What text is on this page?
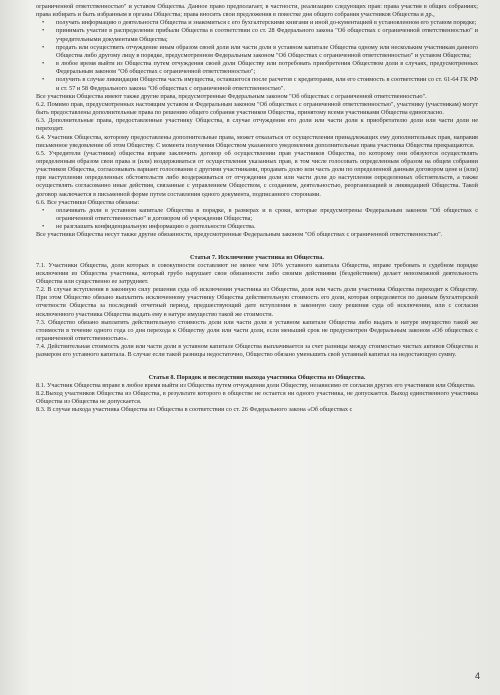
ограниченной ответственностью" и уставом Общества. Данное право предполагает, в частности, реализацию следующих прав: права участия в общих собраниях; права избирать и быть избранным в органы Общества; права вносить свои предложения в повестке дня общего собрания участников Общества и др.,

• получать информацию о деятельности Общества и знакомиться с его бухгалтерскими книгами и иной до-кументацией в установленном его уставом порядке;

• принимать участие в распределении прибыли Общества в соответствии со ст. 28 Федерального закона "Об обществах с ограниченной ответственностью" и учредительными документами Общества;

• продать или осуществить отчуждение иным образом своей доли или части доли в уставном капитале Общества одному или нескольким участникам данного Общества либо другому лицу в порядке, предусмотренном Федеральным законом "Об Обществах с ограниченной ответственностью" и уставом Общества;

• в любое время выйти из Общества путем отчуждения своей доли Обществу или потребовать приобретения Обществом доли в случаях, предусмотренных Федеральным законом "Об обществах с ограниченной ответственностью";

• получить в случае ликвидации Общества часть имущества, оставшегося после расчетов с кредиторами, или его стоимость в соответствии со ст. 61-64 ГК РФ и ст. 57 и 58 Федерального закона "Об обществах с ограниченной ответственностью".

Все участники Общества имеют также другие права, предусмотренные Федеральным законом "Об обществах с ограниченной ответственностью".

6.2. Помимо прав, предусмотренных настоящим уставом и Федеральным законом "Об обществах с ограниченной ответственностью", участнику (участникам) могут быть предоставлены дополнительные права по решению общего собрания участников Общества, принятому всеми участниками Общества единогласно.

6.3. Дополнительные права, предоставленные участнику Общества, в случае отчуждения его доли или части доли к приобретателю доли или части доли не переходят.

6.4. Участник Общества, которому предоставлены дополнительные права, может отказаться от осуществления принадлежащих ему дополнительных прав, направив письменное уведомление об этом Обществу. С момента получения Обществом указанного уведомления дополнительные права участника Общества прекращаются.

6.5. Учредители (участники) общества вправе заключить договор об осуществлении прав участников Общества, по которому они обязуются осуществлять определенным образом свои права и (или) воздерживаться от осуществления указанных прав, в том числе голосовать определенным образом на общем собрании участников Общества, согласовывать вариант голосования с другими участниками, продавать долю или часть доли по определенной данным договором цене и (или) при наступлении определенных обстоятельств либо воздерживаться от отчуждения доли или части доли до наступления определенных обстоятельств, а также осуществлять согласованно иные действия, связанные с управлением Обществом, с созданием, деятельностью, реорганизацией и ликвидацией Общества. Такой договор заключается в письменной форме путем составления одного документа, подписанного сторонами.

6.6. Все участники Общества обязаны:

• оплачивать доли в уставном капитале Общества в порядке, в размерах и в сроки, которые предусмотрены Федеральным законом "Об обществах с ограниченной ответственностью" и договором об учреждении Общества;

• не разглашать конфиденциальную информацию о деятельности Общества.

Все участники Общества несут также другие обязанности, предусмотренные Федеральным законом "Об обществах с ограниченной ответственностью".

Статья 7. Исключение участника из Общества.

7.1. Участники Общества, доли которых в совокупности составляют не менее чем 10% уставного капитала Общества, вправе требовать в судебном порядке исключения из Общества участника, который грубо нарушает свои обязанности либо своими действиями (бездействием) делает невозможной деятельность Общества или существенно ее затрудняет.

7.2. В случае вступления в законную силу решения суда об исключении участника из Общества, доля или часть доли участника Общества переходит к Обществу. При этом Общество обязано выплатить исключенному участнику Общества действительную стоимость его доли, которая определяется по данным бухгалтерской отчетности Общества за последний отчетный период, предшествующий дате вступления в законную силу решения суда об исключении, или с согласия исключенного участника Общества выдать ему в натуре имущество такой же стоимости.

7.3. Общество обязано выплатить действительную стоимость доли или части доли в уставном капитале Общества либо выдать в натуре имущество такой же стоимости в течение одного года со дня перехода к Обществу доли или части доли, если меньший срок не предусмотрен Федеральным законом «Об обществах с ограниченной ответственностью».

7.4. Действительная стоимость доли или части доли в уставном капитале Общества выплачивается за счет разницы между стоимостью чистых активов Общества и размером его уставного капитала. В случае если такой разницы недостаточно, Общество обязано уменьшить свой уставный капитал на недостающую сумму.

Статья 8. Порядок и последствия выхода участника Общества из Общества.

8.1. Участник Общества вправе в любое время выйти из Общества путем отчуждения доли Обществу, независимо от согласия других его участников или Общества.

8.2.Выход участников Общества из Общества, в результате которого в обществе не остается ни одного участника, не допускается. Выход единственного участника Общества из Общества не допускается.

8.3. В случае выхода участника Общества из Общества в соответствии со ст. 26 Федерального закона «Об обществах с

4
